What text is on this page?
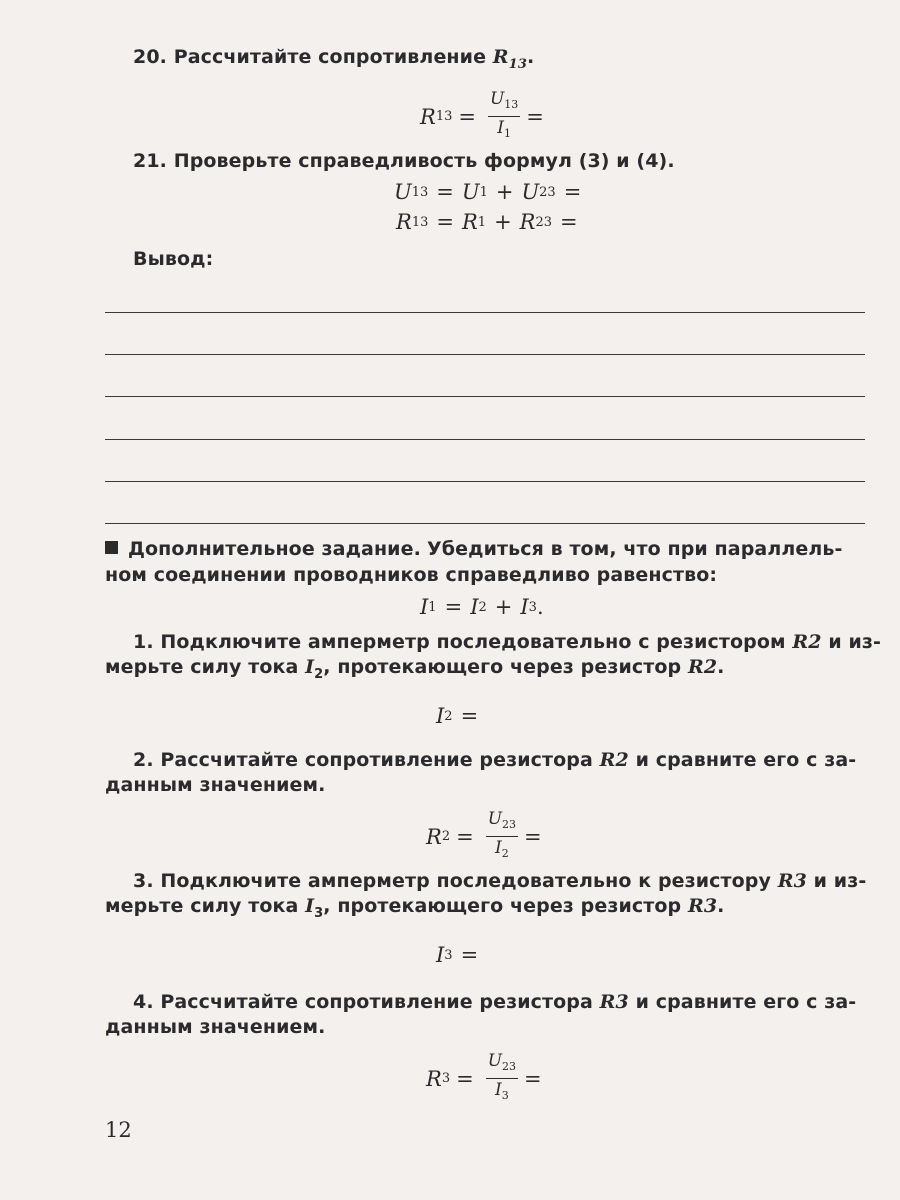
20. Рассчитайте сопротивление $R_{13}$.
R $13 = \frac{U_{13}}{I_1}$ =
21. Проверьте справедливость формул (3) и (4).
U 13 = U 1 + U 23 =
R 13 = R 1 + R 23 =
Вывод:
Дополнительное задание. Убедиться в том, что при параллель-
ном соединении проводников справедливо равенство:
I 1 = I 2 + I 3 .
1. Подключите амперметр последовательно с резистором R2 и из-
мерьте силу тока $I_2$, протекающего через резистор R2.
I 2 =
2. Рассчитайте сопротивление резистора R2 и сравните его с за-
данным значением.
R $2 = \frac{U_{23}}{I_2}$ =
3. Подключите амперметр последовательно к резистору R3 и из-
мерьте силу тока $I_3$, протекающего через резистор R3.
I 3 =
4. Рассчитайте сопротивление резистора R3 и сравните его с за-
данным значением.
R $3 = \frac{U_{23}}{I_3}$ =
12
